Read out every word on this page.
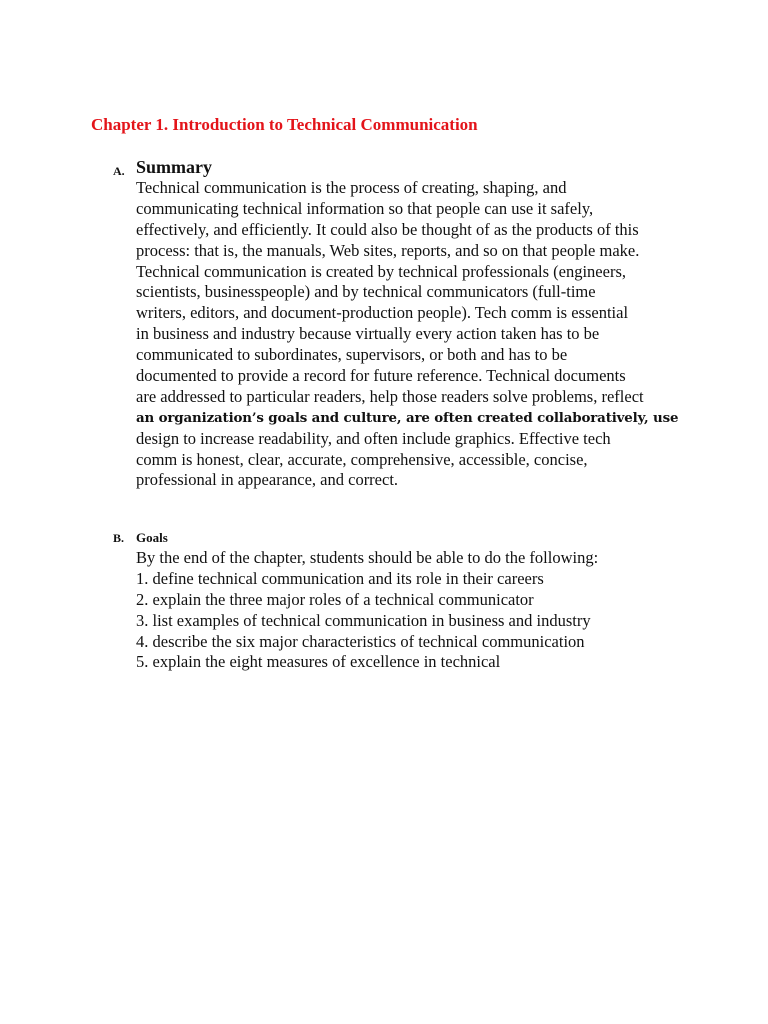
Chapter 1. Introduction to Technical Communication
A. Summary
Technical communication is the process of creating, shaping, and
communicating technical information so that people can use it safely,
effectively, and efficiently. It could also be thought of as the products of this
process: that is, the manuals, Web sites, reports, and so on that people make.
Technical communication is created by technical professionals (engineers,
scientists, businesspeople) and by technical communicators (full-time
writers, editors, and document-production people). Tech comm is essential
in business and industry because virtually every action taken has to be
communicated to subordinates, supervisors, or both and has to be
documented to provide a record for future reference. Technical documents
are addressed to particular readers, help those readers solve problems, reflect
an organization’s goals and culture, are often created collaboratively, use
design to increase readability, and often include graphics. Effective tech
comm is honest, clear, accurate, comprehensive, accessible, concise,
professional in appearance, and correct.
B. Goals
By the end of the chapter, students should be able to do the following:
1. define technical communication and its role in their careers
2. explain the three major roles of a technical communicator
3. list examples of technical communication in business and industry
4. describe the six major characteristics of technical communication
5. explain the eight measures of excellence in technical
